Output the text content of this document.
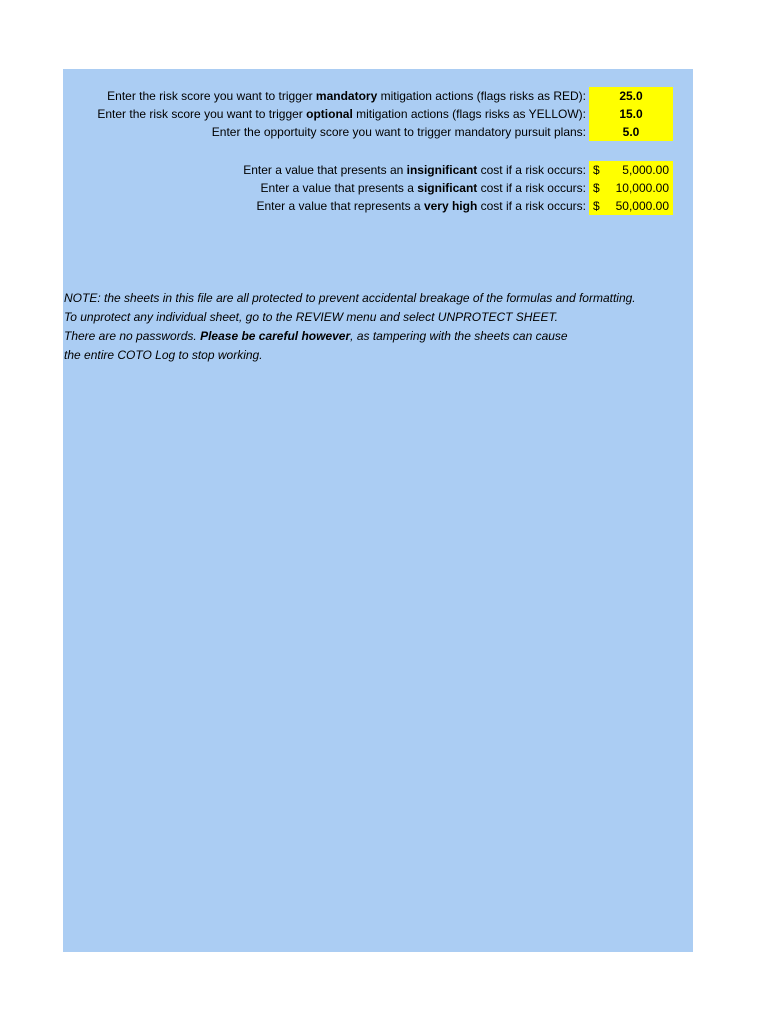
Enter the risk score you want to trigger mandatory mitigation actions (flags risks as RED):	25.0
Enter the risk score you want to trigger optional mitigation actions (flags risks as YELLOW):	15.0
Enter the opportuity score you want to trigger mandatory pursuit plans:	5.0
Enter a value that presents an insignificant cost if a risk occurs: $ 5,000.00
Enter a value that presents a significant cost if a risk occurs: $ 10,000.00
Enter a value that represents a very high cost if a risk occurs: $ 50,000.00
NOTE: the sheets in this file are all protected to prevent accidental breakage of the formulas and formatting.
To unprotect any individual sheet, go to the REVIEW menu and select UNPROTECT SHEET.
There are no passwords. Please be careful however, as tampering with the sheets can cause
the entire COTO Log to stop working.
